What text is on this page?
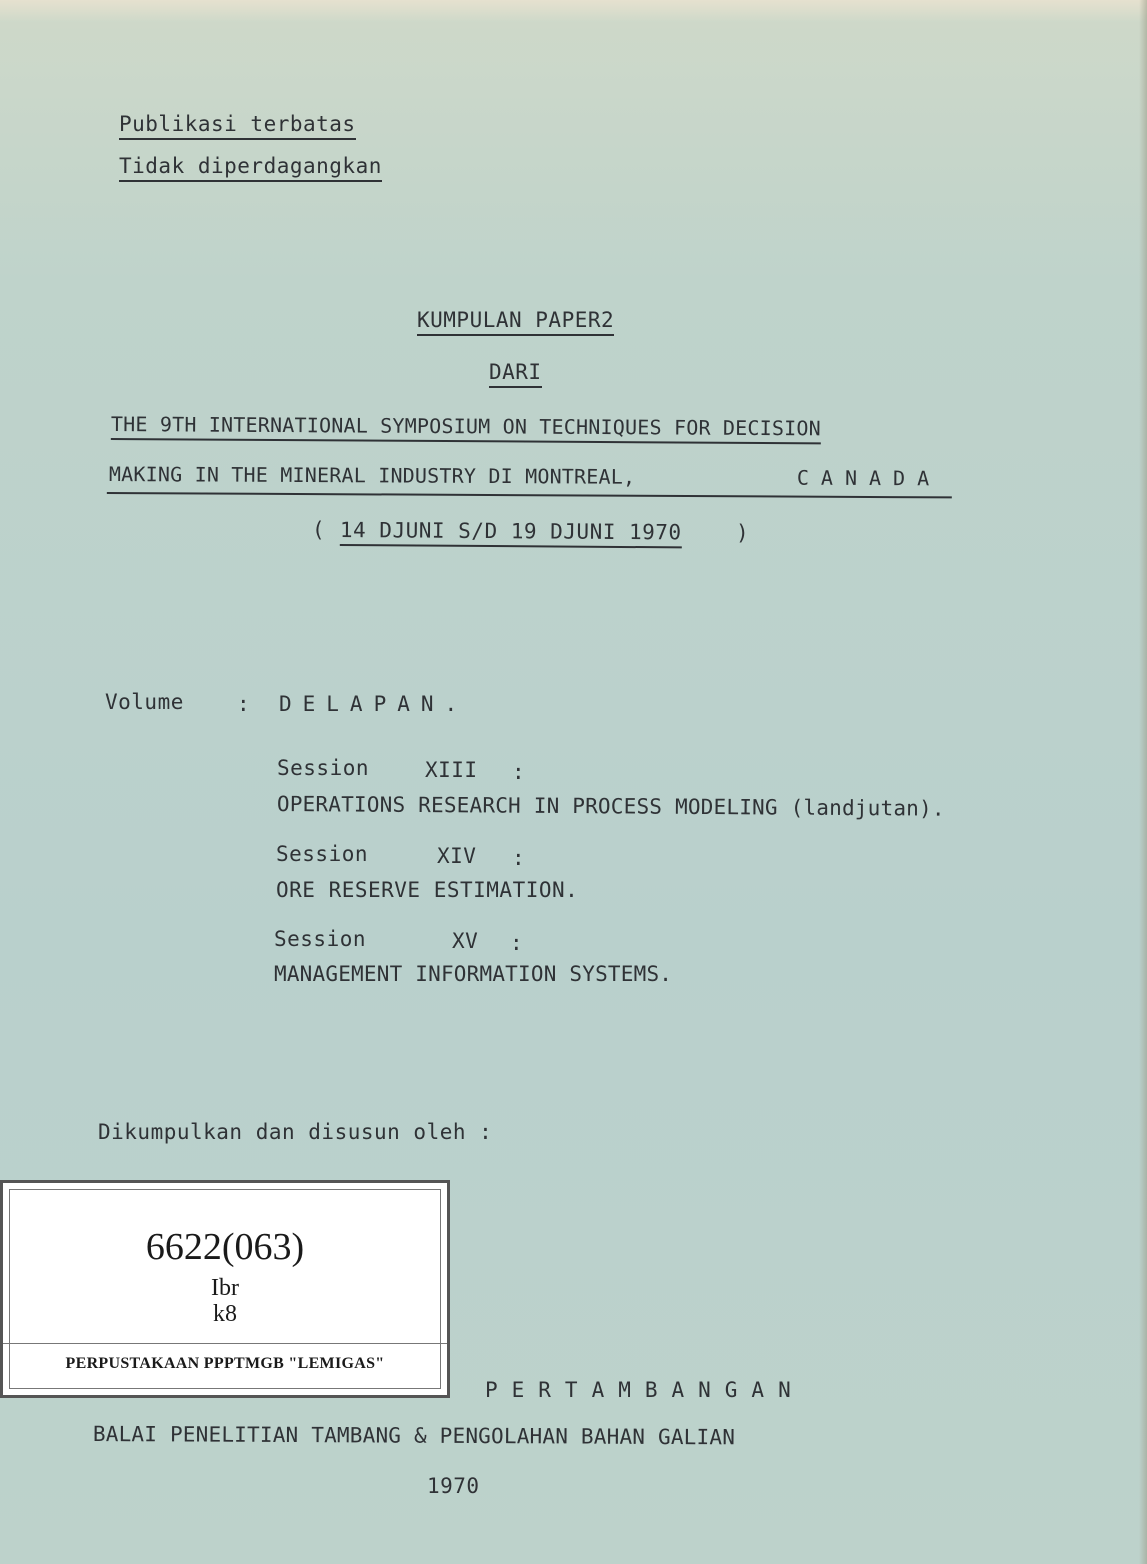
Publikasi terbatas
Tidak diperdagangkan
KUMPULAN PAPER2
DARI
THE 9TH INTERNATIONAL SYMPOSIUM ON TECHNIQUES FOR DECISION

MAKING IN THE MINERAL INDUSTRY DI MONTREAL,

	CANADA

( 14 DJUNI S/D 19 DJUNI 1970	)
Volume	: DELAPAN.
Session	XIII :
OPERATIONS RESEARCH IN PROCESS MODELING (landjutan).
Session	XIV :
ORE RESERVE ESTIMATION.
Session	XV :
MANAGEMENT INFORMATION SYSTEMS.
Dikumpulkan dan disusun oleh :
6622(063)
Ibr
k8
PERPUSTAKAAN PPPTMGB "LEMIGAS"
PERTAMBANGAN
BALAI PENELITIAN TAMBANG & PENGOLAHAN BAHAN GALIAN
1970
